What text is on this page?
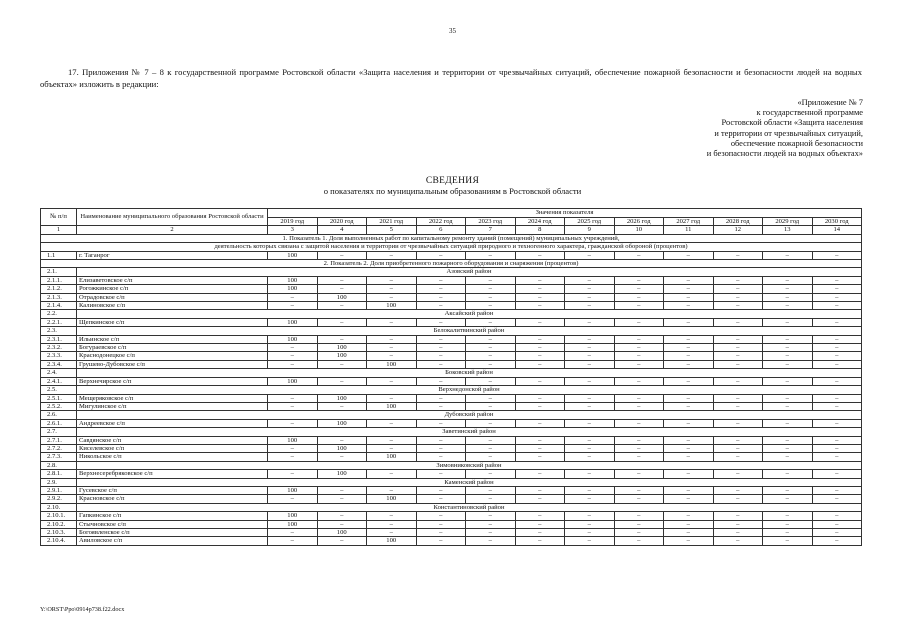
35
17. Приложения № 7 – 8 к государственной программе Ростовской области «Защита населения и территории от чрезвычайных ситуаций, обеспечение пожарной безопасности и безопасности людей на водных объектах» изложить в редакции:
«Приложение № 7
к государственной программе
Ростовской области «Защита населения
и территории от чрезвычайных ситуаций,
обеспечение пожарной безопасности
и безопасности людей на водных объектах»
СВЕДЕНИЯ
о показателях по муниципальным образованиям в Ростовской области
№ п/п	Наименование муниципального образования Ростовской области	Значения показателя											
		2019 год	2020 год	2021 год	2022 год	2023 год	2024 год	2025 год	2026 год	2027 год	2028 год	2029 год	2030 год
1	2	3	4	5	6	7	8	9	10	11	12	13	14
1. Показатель 1. Доля выполненных работ по капитальному ремонту зданий (помещений) муниципальных учреждений,													
деятельность которых связана с защитой населения и территории от чрезвычайных ситуаций природного и техногенного характера, гражданской обороной (процентов)													
1.1	г. Таганрог	100	–	–	–	–	–	–	–	–	–	–	–
2. Показатель 2. Доля приобретенного пожарного оборудования и снаряжения (процентов)													
2.1.	Азовский район												
2.1.1.	Елизаветовское с/п	100	–	–	–	–	–	–	–	–	–	–	–
2.1.2.	Рогожкинское с/п	100	–	–	–	–	–	–	–	–	–	–	–
2.1.3.	Отрадовское с/п	–	100	–	–	–	–	–	–	–	–	–	–
2.1.4.	Калиновское с/п	–	–	100	–	–	–	–	–	–	–	–	–
2.2.	Аксайский район												
2.2.1.	Щепкинское с/п	100	–	–	–	–	–	–	–	–	–	–	–
2.3.	Белокалитвинский район												
2.3.1.	Ильинское с/п	100	–	–	–	–	–	–	–	–	–	–	–
2.3.2.	Богураевское с/п	–	100	–	–	–	–	–	–	–	–	–	–
2.3.3.	Краснодонецкое с/п	–	100	–	–	–	–	–	–	–	–	–	–
2.3.4.	Грушево-Дубовское с/п	–	–	100	–	–	–	–	–	–	–	–	–
2.4.	Боковский район												
2.4.1.	Верхнечирское с/п	100	–	–	–	–	–	–	–	–	–	–	–
2.5.	Верхнедонской район												
2.5.1.	Мещеряковское с/п	–	100	–	–	–	–	–	–	–	–	–	–
2.5.2.	Мигулинское с/п	–	–	100	–	–	–	–	–	–	–	–	–
2.6.	Дубовский район												
2.6.1.	Андреевское с/п	–	100	–	–	–	–	–	–	–	–	–	–
2.7.	Заветинский район												
2.7.1.	Савдянское с/п	100	–	–	–	–	–	–	–	–	–	–	–
2.7.2.	Киселевское с/п	–	100	–	–	–	–	–	–	–	–	–	–
2.7.3.	Никольское с/п	–	–	100	–	–	–	–	–	–	–	–	–
2.8.	Зимовниковский район												
2.8.1.	Верхнесеребряковское с/п	–	100	–	–	–	–	–	–	–	–	–	–
2.9.	Каменский район												
2.9.1.	Гусевское с/п	100	–	–	–	–	–	–	–	–	–	–	–
2.9.2.	Красновское с/п	–	–	100	–	–	–	–	–	–	–	–	–
2.10.	Константиновский район												
2.10.1.	Гапкинское с/п	100	–	–	–	–	–	–	–	–	–	–	–
2.10.2.	Стычновское с/п	100	–	–	–	–	–	–	–	–	–	–	–
2.10.3.	Богоявленское с/п	–	100	–	–	–	–	–	–	–	–	–	–
2.10.4.	Авиловское с/п	–	–	100	–	–	–	–	–	–	–	–	–
Y:\ORST\Ppo\0914p738.f22.docx
